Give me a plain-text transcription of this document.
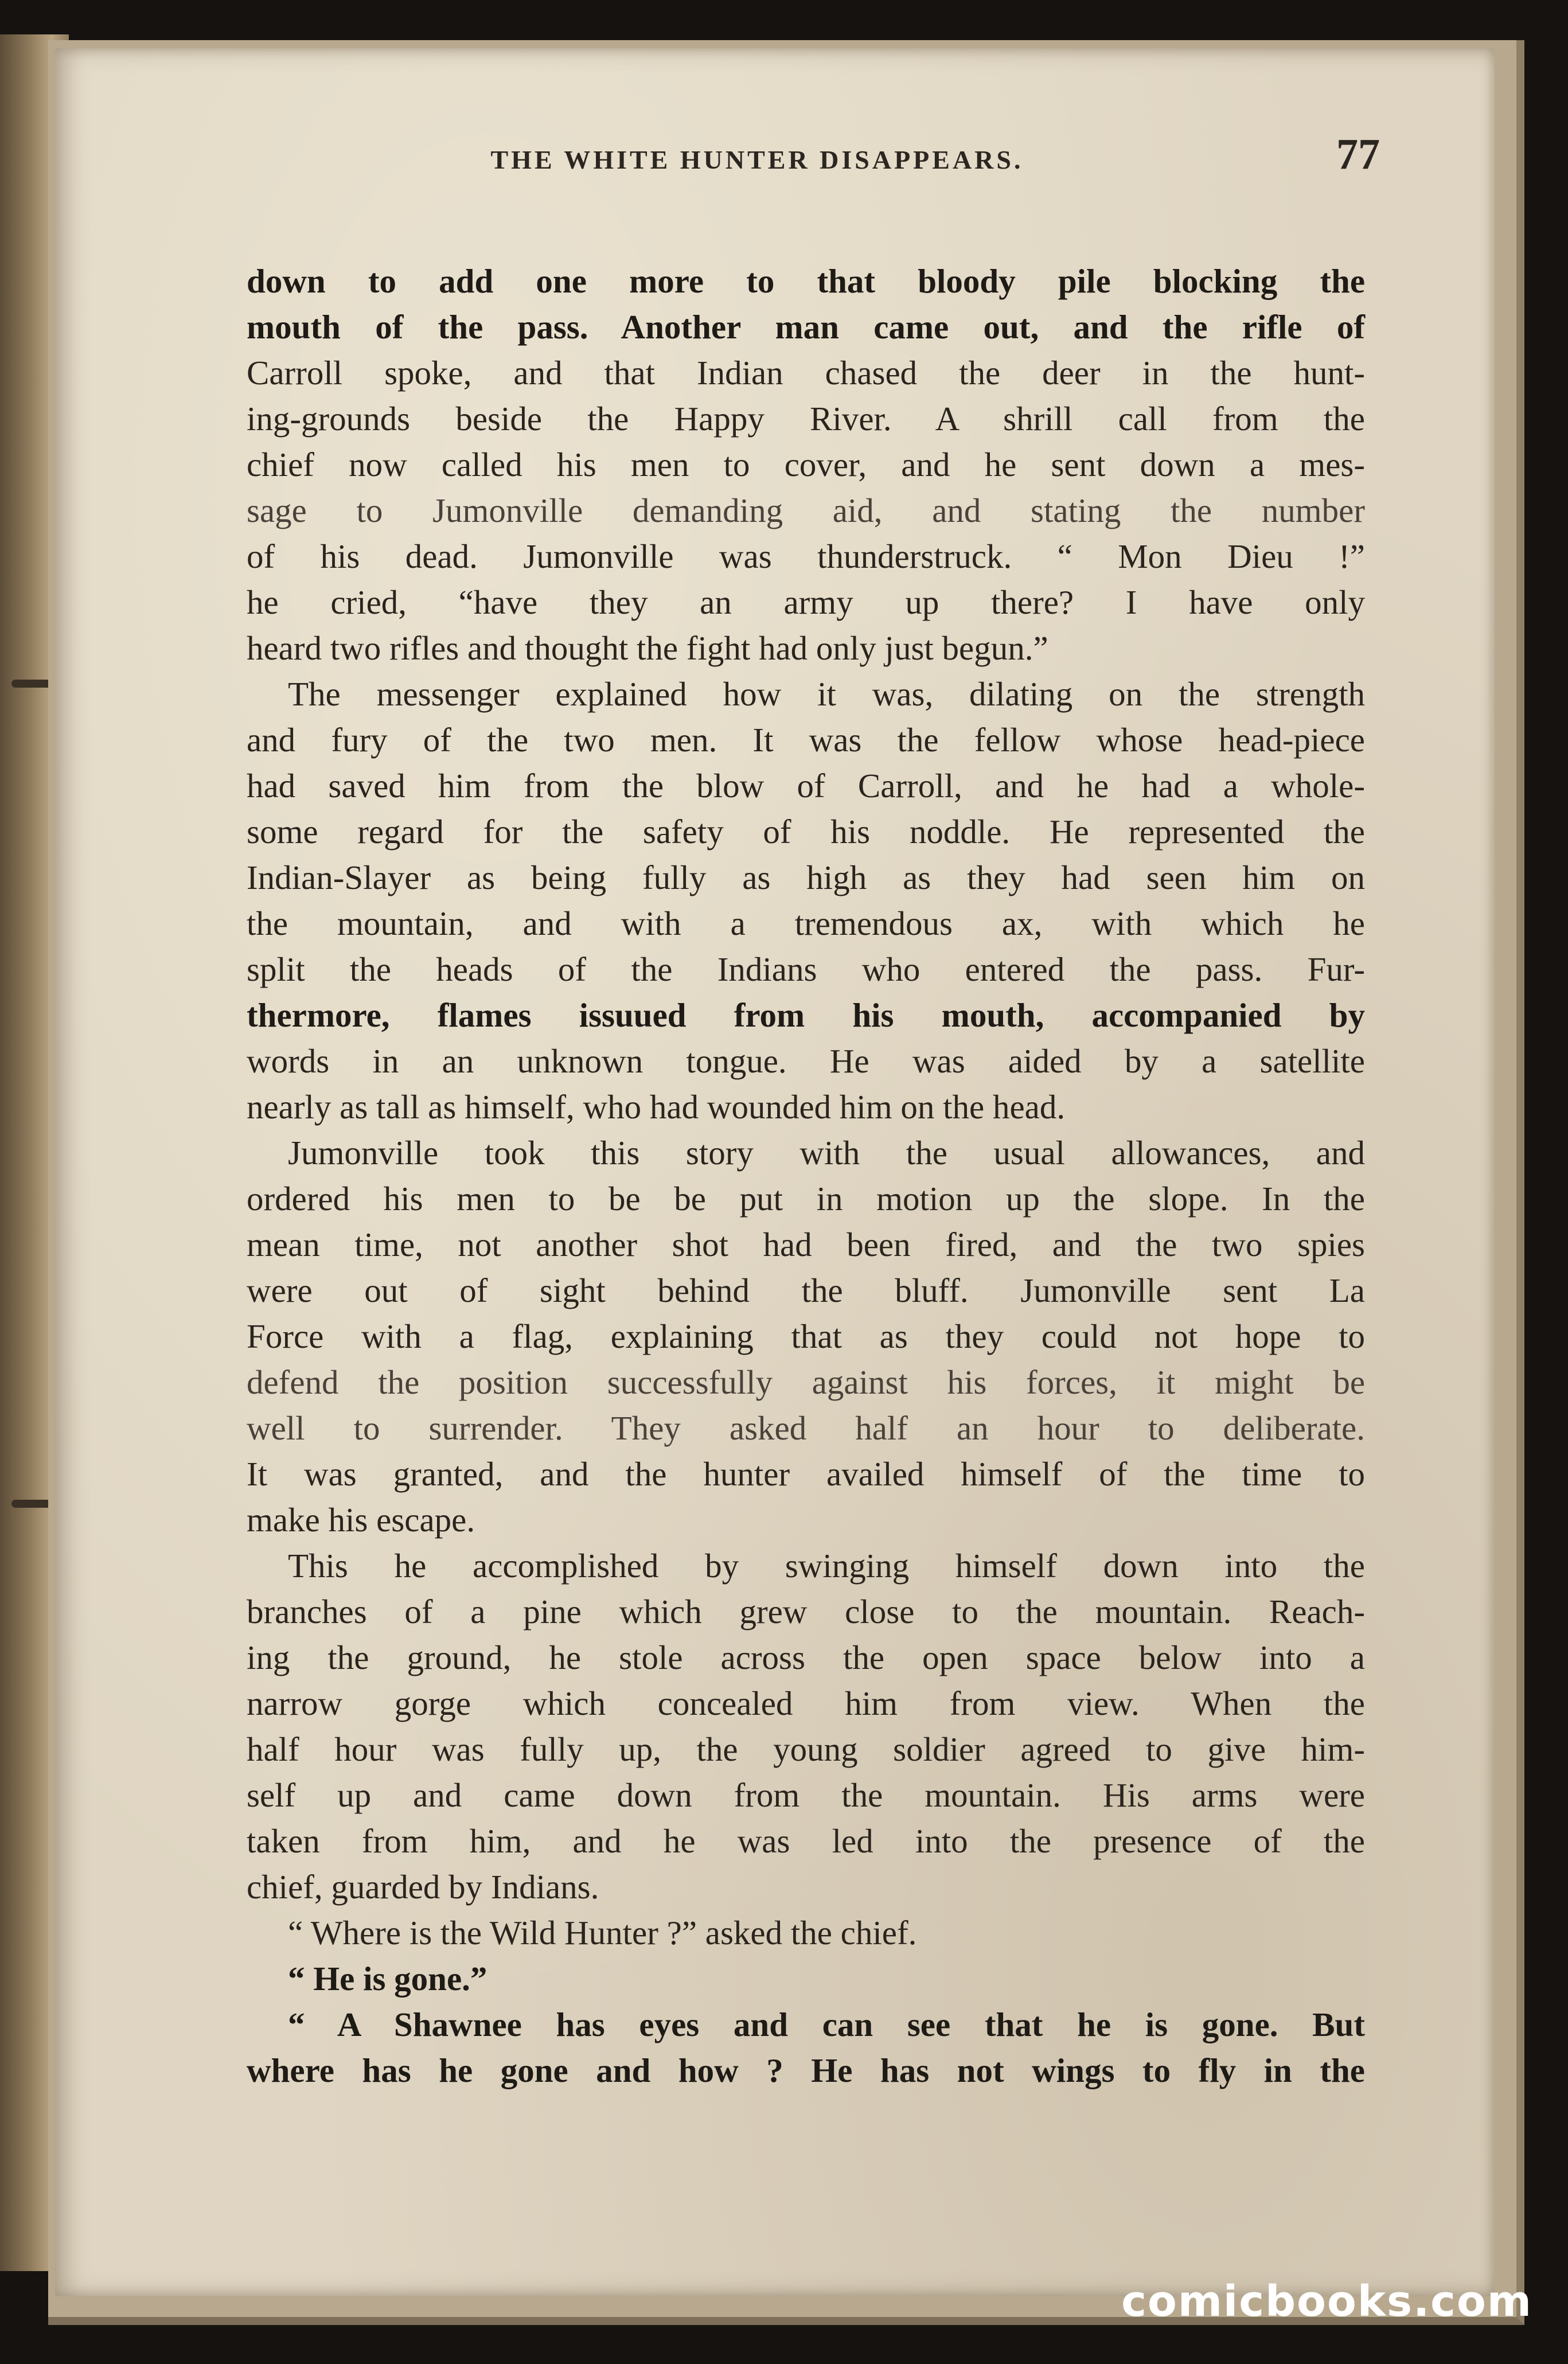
THE WHITE HUNTER DISAPPEARS.	77
down to add one more to that bloody pile blocking the
mouth of the pass. Another man came out, and the rifle of
Carroll spoke, and that Indian chased the deer in the hunt-
ing-grounds beside the Happy River. A shrill call from the
chief now called his men to cover, and he sent down a mes-
sage to Jumonville demanding aid, and stating the number
of his dead. Jumonville was thunderstruck. “ Mon Dieu !”
he cried, “have they an army up there? I have only
heard two rifles and thought the fight had only just begun.”
The messenger explained how it was, dilating on the strength
and fury of the two men. It was the fellow whose head-piece
had saved him from the blow of Carroll, and he had a whole-
some regard for the safety of his noddle. He represented the
Indian-Slayer as being fully as high as they had seen him on
the mountain, and with a tremendous ax, with which he
split the heads of the Indians who entered the pass. Fur-
thermore, flames issuued from his mouth, accompanied by
words in an unknown tongue. He was aided by a satellite
nearly as tall as himself, who had wounded him on the head.
Jumonville took this story with the usual allowances, and
ordered his men to be be put in motion up the slope. In the
mean time, not another shot had been fired, and the two spies
were out of sight behind the bluff. Jumonville sent La
Force with a flag, explaining that as they could not hope to
defend the position successfully against his forces, it might be
well to surrender. They asked half an hour to deliberate.
It was granted, and the hunter availed himself of the time to
make his escape.
This he accomplished by swinging himself down into the
branches of a pine which grew close to the mountain. Reach-
ing the ground, he stole across the open space below into a
narrow gorge which concealed him from view. When the
half hour was fully up, the young soldier agreed to give him-
self up and came down from the mountain. His arms were
taken from him, and he was led into the presence of the
chief, guarded by Indians.
“ Where is the Wild Hunter ?” asked the chief.
“ He is gone.”
“ A Shawnee has eyes and can see that he is gone. But
where has he gone and how ? He has not wings to fly in the
comicbooks.com
